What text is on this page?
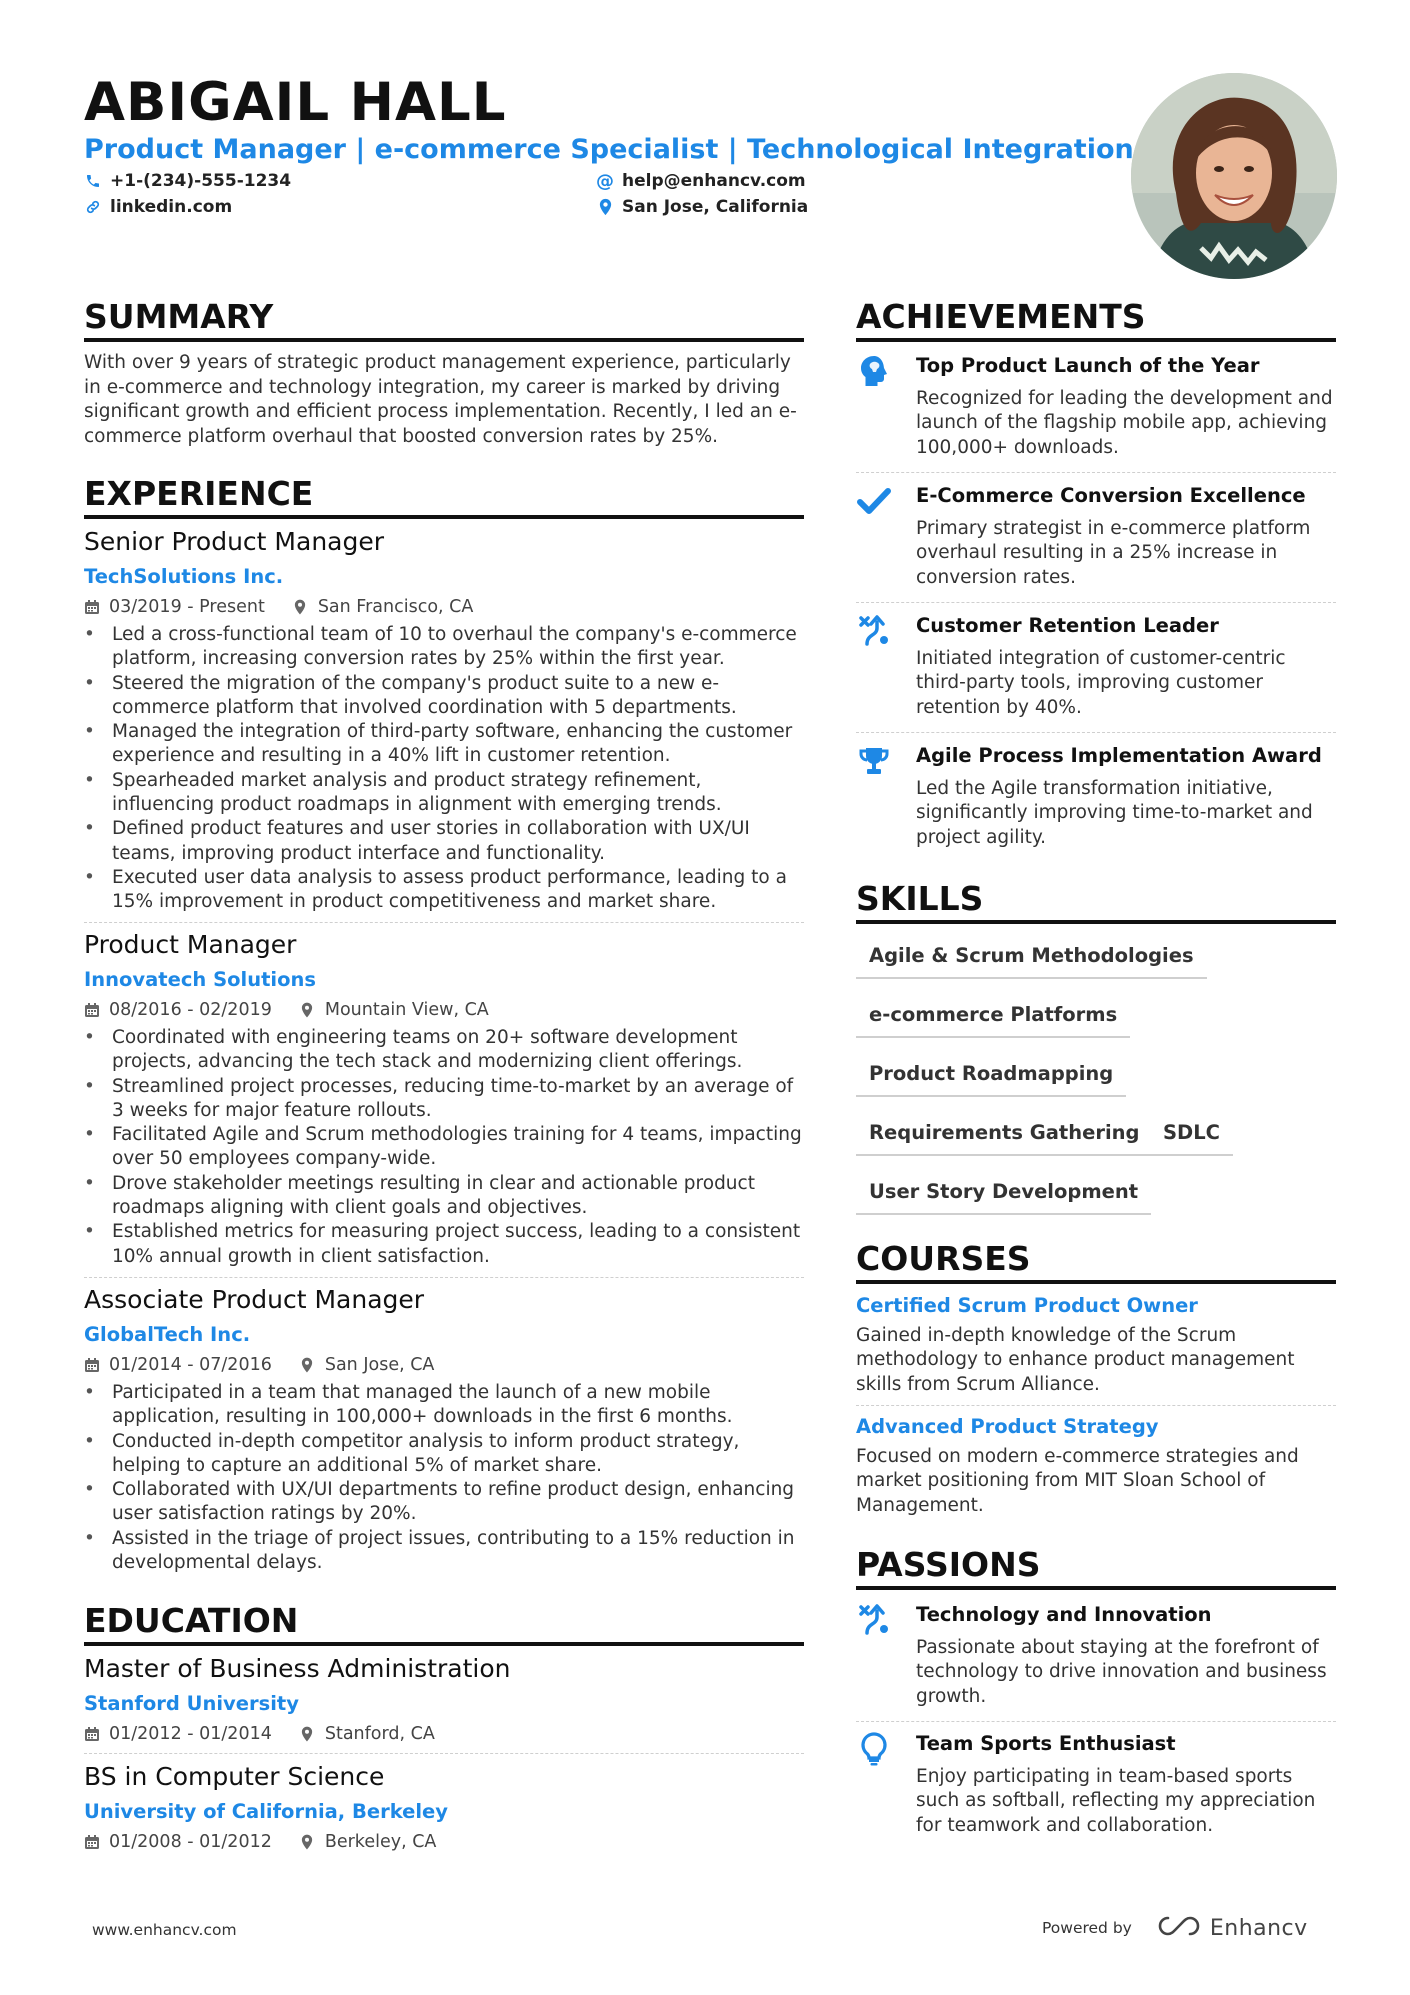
ABIGAIL HALL
Product Manager | e-commerce Specialist | Technological Integration
+1-(234)-555-1234	@ help@enhancv.com
linkedin.com	San Jose, California
SUMMARY
With over 9 years of strategic product management experience, particularly in e-commerce and technology integration, my career is marked by driving significant growth and efficient process implementation. Recently, I led an e-commerce platform overhaul that boosted conversion rates by 25%.
EXPERIENCE
Senior Product Manager
TechSolutions Inc.
03/2019 - Present	San Francisco, CA
• Led a cross-functional team of 10 to overhaul the company's e-commerce platform, increasing conversion rates by 25% within the first year.
• Steered the migration of the company's product suite to a new e-commerce platform that involved coordination with 5 departments.
• Managed the integration of third-party software, enhancing the customer experience and resulting in a 40% lift in customer retention.
• Spearheaded market analysis and product strategy refinement, influencing product roadmaps in alignment with emerging trends.
• Defined product features and user stories in collaboration with UX/UI teams, improving product interface and functionality.
• Executed user data analysis to assess product performance, leading to a 15% improvement in product competitiveness and market share.
Product Manager
Innovatech Solutions
08/2016 - 02/2019	Mountain View, CA
• Coordinated with engineering teams on 20+ software development projects, advancing the tech stack and modernizing client offerings.
• Streamlined project processes, reducing time-to-market by an average of 3 weeks for major feature rollouts.
• Facilitated Agile and Scrum methodologies training for 4 teams, impacting over 50 employees company-wide.
• Drove stakeholder meetings resulting in clear and actionable product roadmaps aligning with client goals and objectives.
• Established metrics for measuring project success, leading to a consistent 10% annual growth in client satisfaction.
Associate Product Manager
GlobalTech Inc.
01/2014 - 07/2016	San Jose, CA
• Participated in a team that managed the launch of a new mobile application, resulting in 100,000+ downloads in the first 6 months.
• Conducted in-depth competitor analysis to inform product strategy, helping to capture an additional 5% of market share.
• Collaborated with UX/UI departments to refine product design, enhancing user satisfaction ratings by 20%.
• Assisted in the triage of project issues, contributing to a 15% reduction in developmental delays.
EDUCATION
Master of Business Administration
Stanford University
01/2012 - 01/2014	Stanford, CA
BS in Computer Science
University of California, Berkeley
01/2008 - 01/2012	Berkeley, CA
ACHIEVEMENTS
Top Product Launch of the Year
Recognized for leading the development and launch of the flagship mobile app, achieving 100,000+ downloads.
E-Commerce Conversion Excellence
Primary strategist in e-commerce platform overhaul resulting in a 25% increase in conversion rates.
Customer Retention Leader
Initiated integration of customer-centric third-party tools, improving customer retention by 40%.
Agile Process Implementation Award
Led the Agile transformation initiative, significantly improving time-to-market and project agility.
SKILLS
Agile & Scrum Methodologies
e-commerce Platforms
Product Roadmapping
Requirements Gathering	SDLC
User Story Development
COURSES
Certified Scrum Product Owner
Gained in-depth knowledge of the Scrum methodology to enhance product management skills from Scrum Alliance.
Advanced Product Strategy
Focused on modern e-commerce strategies and market positioning from MIT Sloan School of Management.
PASSIONS
Technology and Innovation
Passionate about staying at the forefront of technology to drive innovation and business growth.
Team Sports Enthusiast
Enjoy participating in team-based sports such as softball, reflecting my appreciation for teamwork and collaboration.
www.enhancv.com	Powered by	Enhancv
